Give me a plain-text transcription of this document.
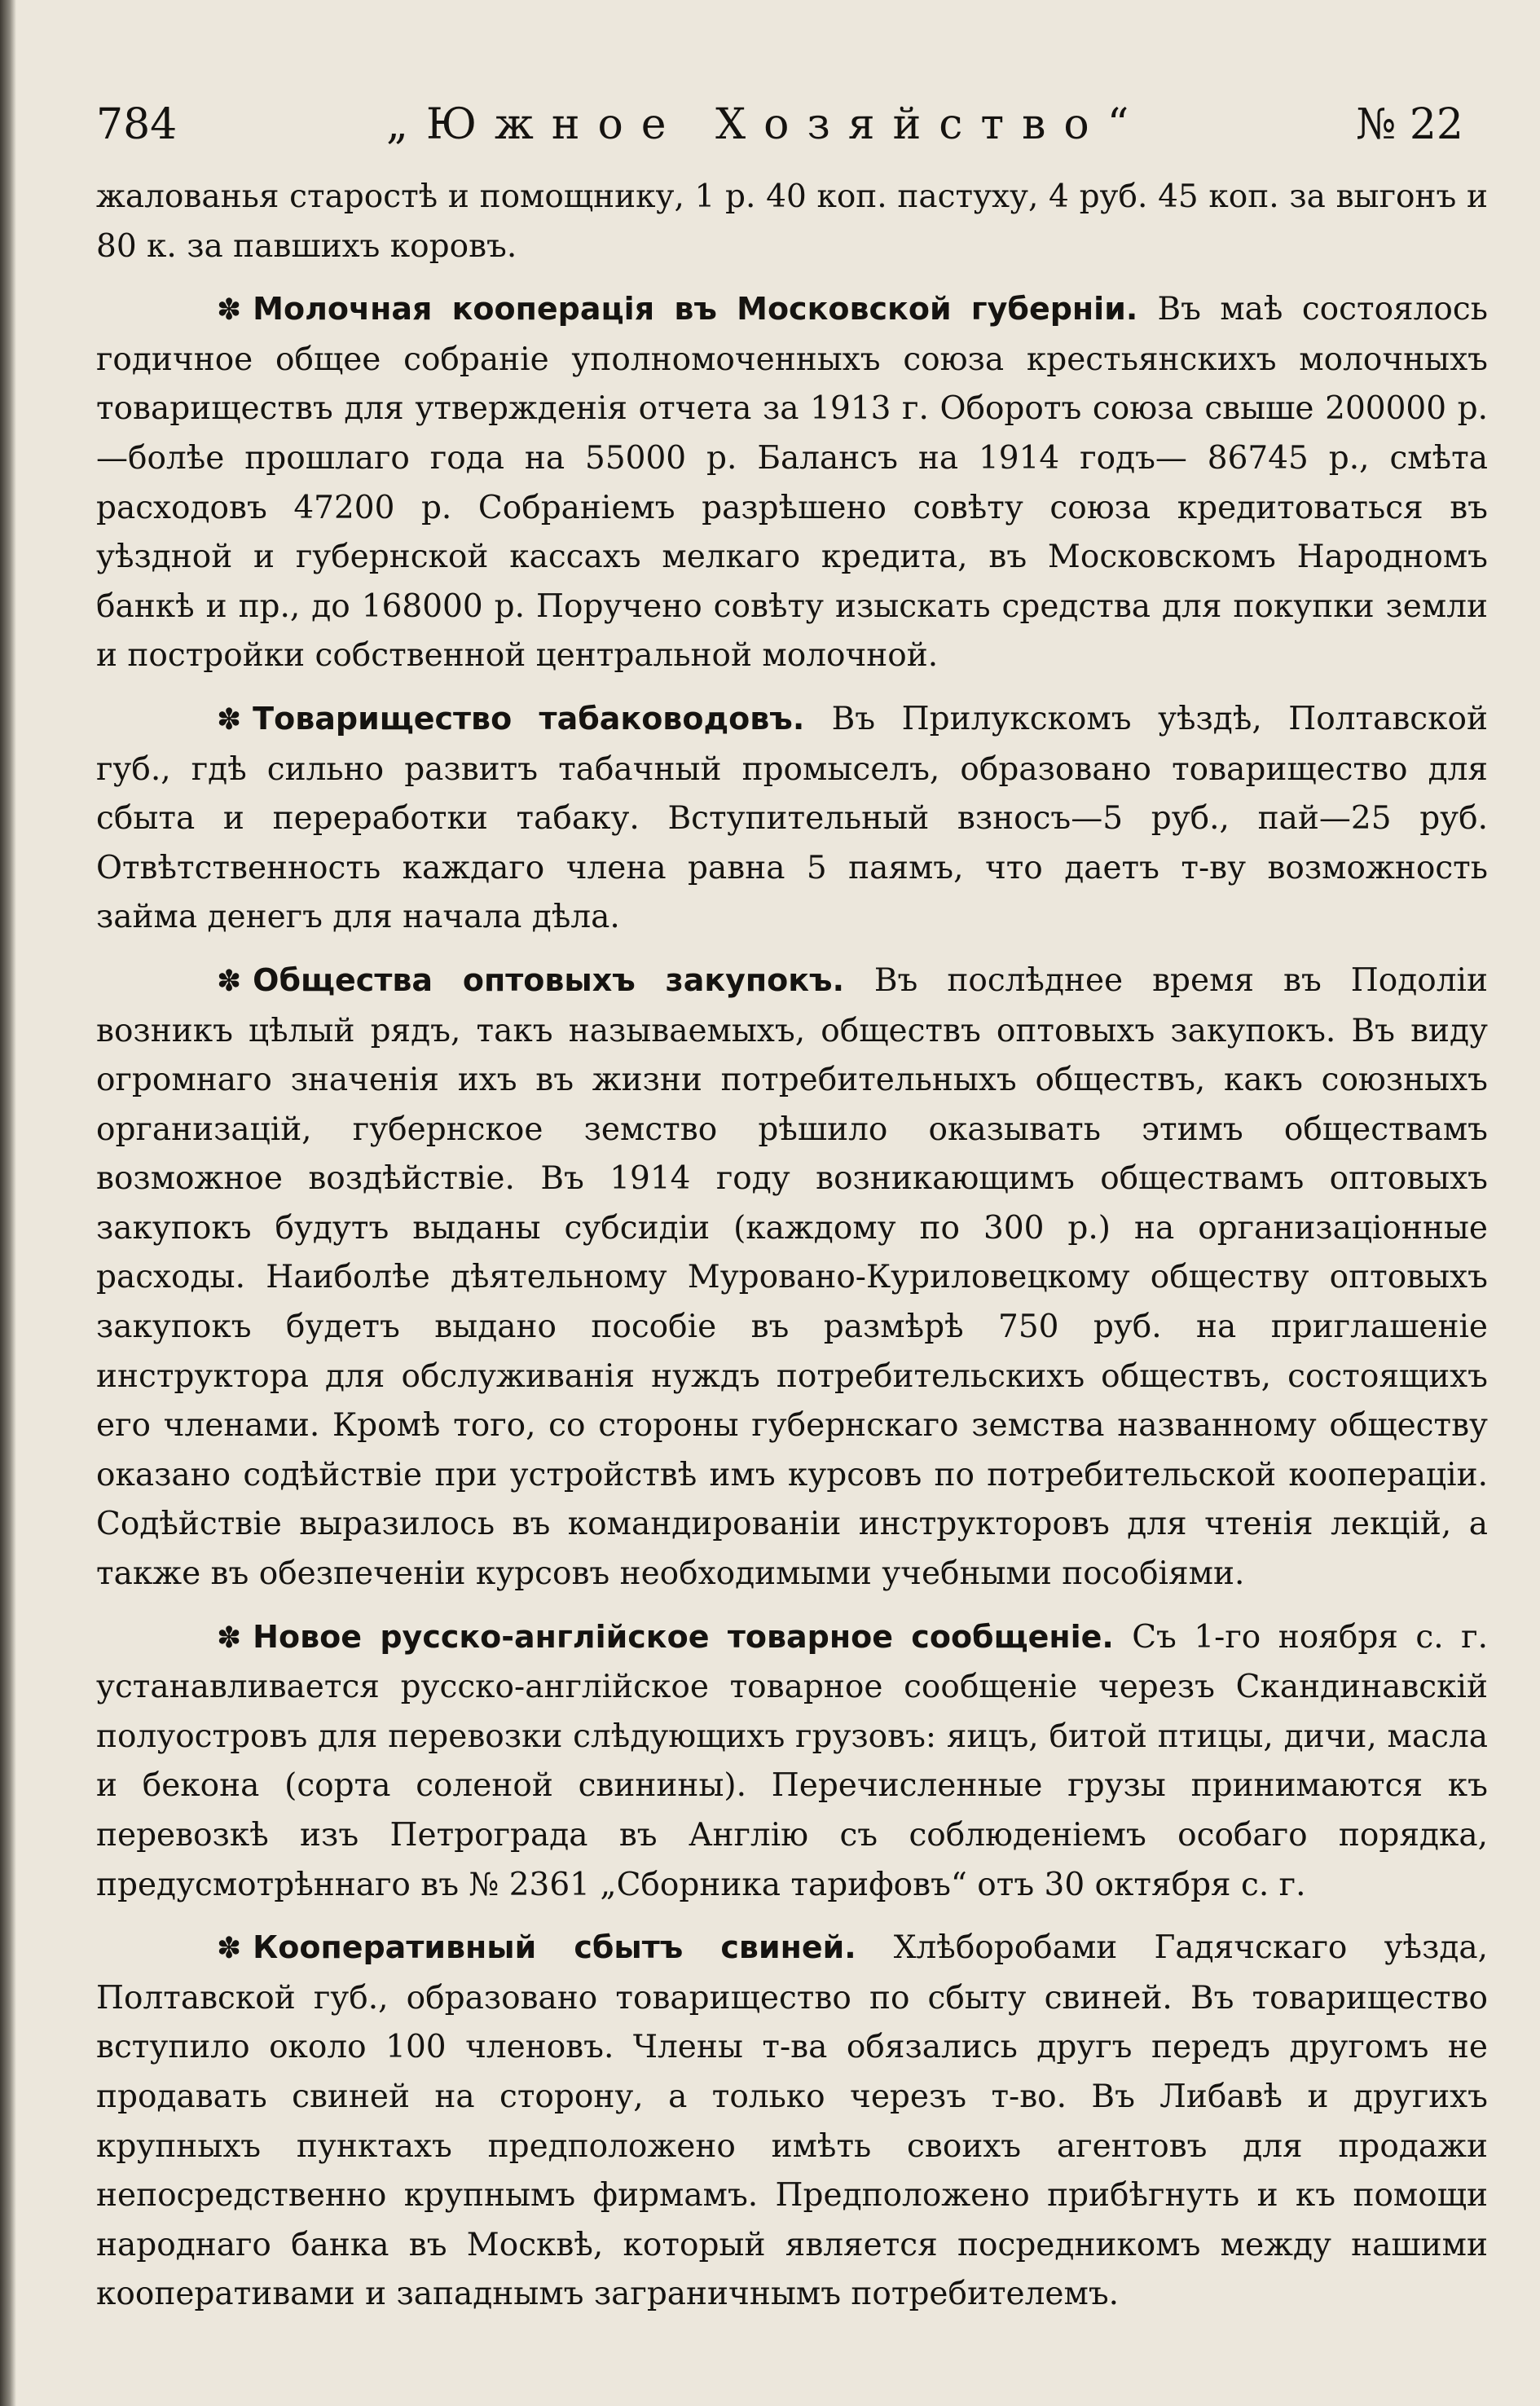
784	„Южное Хозяйство“	№ 22

жалованья старостѣ и помощнику, 1 р. 40 коп. пастуху, 4 руб. 45 коп. за выгонъ и 80 к. за павшихъ коровъ.

✽ Молочная кооперація въ Московской губерніи. Въ маѣ состоялось годичное общее собраніе уполномоченныхъ союза крестьянскихъ молочныхъ товариществъ для утвержденія отчета за 1913 г. Оборотъ союза свыше 200000 р.—болѣе прошлаго года на 55000 р. Балансъ на 1914 годъ— 86745 р., смѣта расходовъ 47200 р. Собраніемъ разрѣшено совѣту союза кредитоваться въ уѣздной и губернской кассахъ мелкаго кредита, въ Московскомъ Народномъ банкѣ и пр., до 168000 р. Поручено совѣту изыскать средства для покупки земли и постройки собственной центральной молочной.

✽ Товарищество табаководовъ. Въ Прилукскомъ уѣздѣ, Полтавской губ., гдѣ сильно развитъ табачный промыселъ, образовано товарищество для сбыта и переработки табаку. Вступительный взносъ—5 руб., пай—25 руб. Отвѣтственность каждаго члена равна 5 паямъ, что даетъ т-ву возможность займа денегъ для начала дѣла.

✽ Общества оптовыхъ закупокъ. Въ послѣднее время въ Подоліи возникъ цѣлый рядъ, такъ называемыхъ, обществъ оптовыхъ закупокъ. Въ виду огромнаго значенія ихъ въ жизни потребительныхъ обществъ, какъ союзныхъ организацій, губернское земство рѣшило оказывать этимъ обществамъ возможное воздѣйствіе. Въ 1914 году возникающимъ обществамъ оптовыхъ закупокъ будутъ выданы субсидіи (каждому по 300 р.) на организаціонные расходы. Наиболѣе дѣятельному Мурованo-Куриловецкому обществу оптовыхъ закупокъ будетъ выдано пособіе въ размѣрѣ 750 руб. на приглашеніе инструктора для обслуживанія нуждъ потребительскихъ обществъ, состоящихъ его членами. Кромѣ того, со стороны губернскаго земства названному обществу оказано содѣйствіе при устройствѣ имъ курсовъ по потребительской коопераціи. Содѣйствіе выразилось въ командированіи инструкторовъ для чтенія лекцій, а также въ обезпеченіи курсовъ необходимыми учебными пособіями.

✽ Новое русско-англійское товарное сообщеніе. Съ 1-го ноября с. г. устанавливается русско-англійское товарное сообщеніе черезъ Скандинавскій полуостровъ для перевозки слѣдующихъ грузовъ: яицъ, битой птицы, дичи, масла и бекона (сорта соленой свинины). Перечисленные грузы принимаются къ перевозкѣ изъ Петрограда въ Англію съ соблюденіемъ особаго порядка, предусмотрѣннаго въ № 2361 „Сборника тарифовъ“ отъ 30 октября с. г.

✽ Кооперативный сбытъ свиней. Хлѣборобами Гадячскаго уѣзда, Полтавской губ., образовано товарищество по сбыту свиней. Въ товарищество вступило около 100 членовъ. Члены т-ва обязались другъ передъ другомъ не продавать свиней на сторону, а только черезъ т-во. Въ Либавѣ и другихъ крупныхъ пунктахъ предположено имѣть своихъ агентовъ для продажи непосредственно крупнымъ фирмамъ. Предположено прибѣгнуть и къ помощи народнаго банка въ Москвѣ, который является посредникомъ между нашими кооперативами и западнымъ заграничнымъ потребителемъ.
